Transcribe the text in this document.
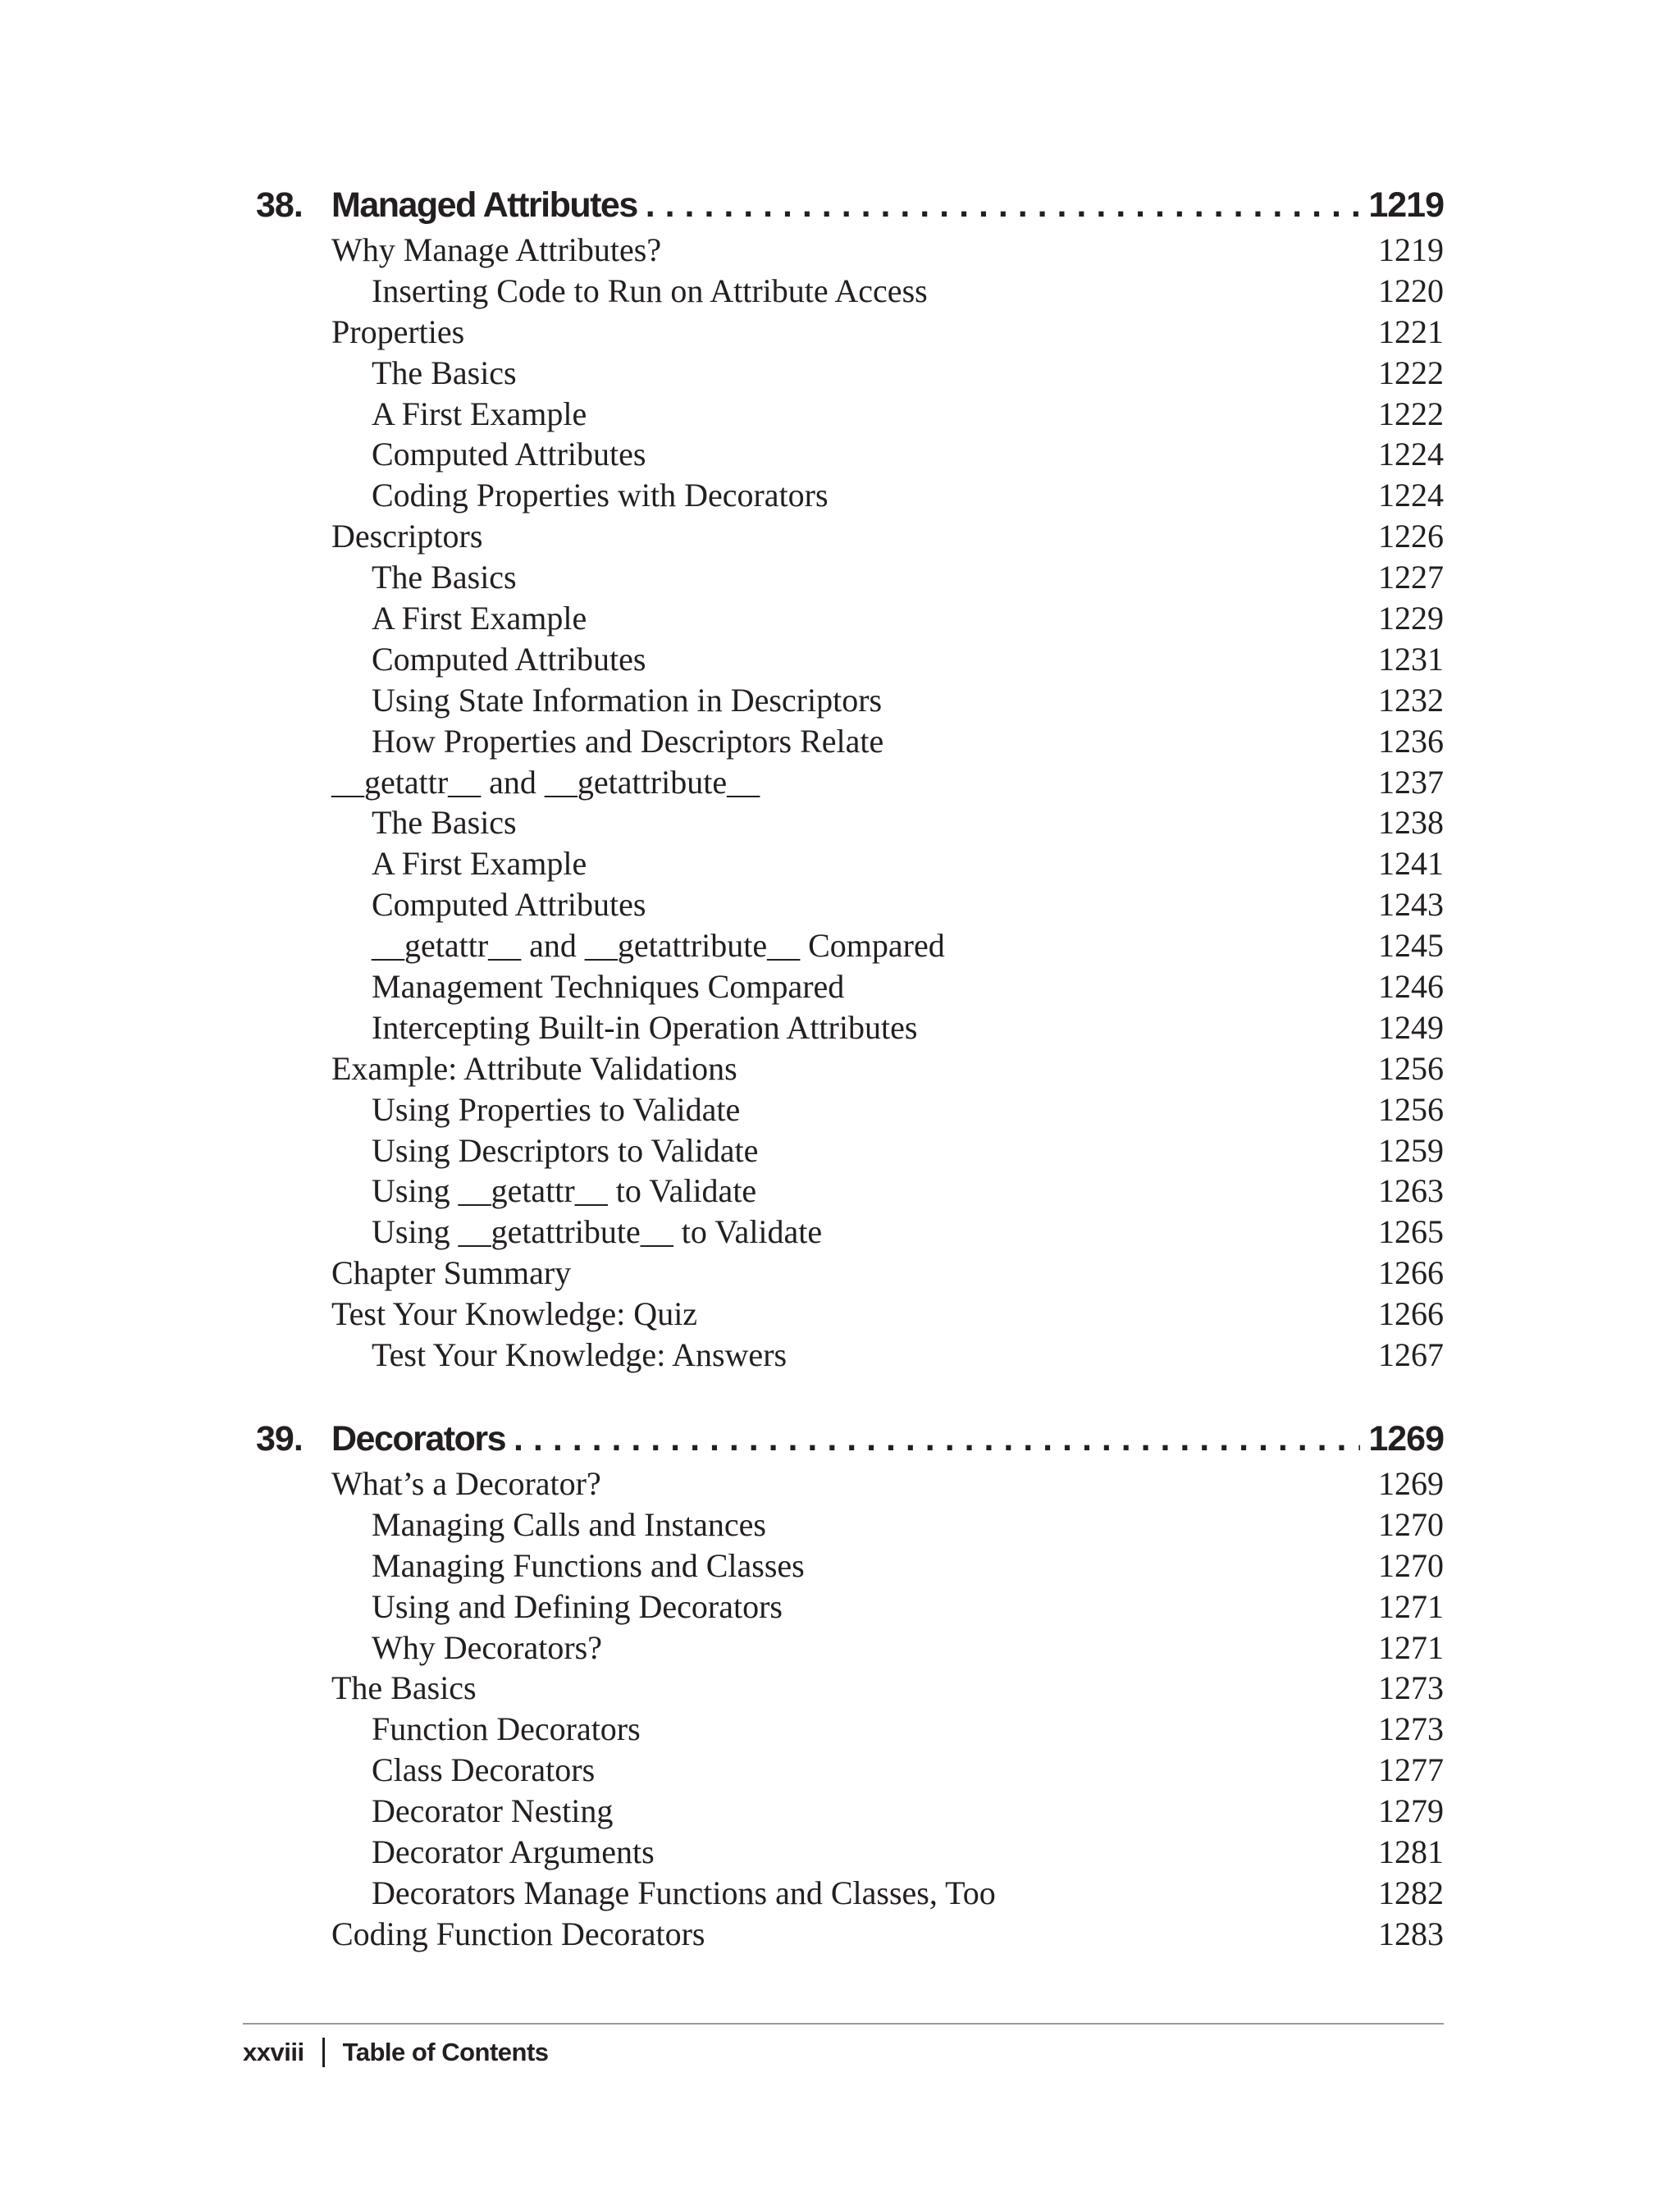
38. Managed Attributes . . .	1219
Why Manage Attributes?	1219
Inserting Code to Run on Attribute Access	1220
Properties	1221
The Basics	1222
A First Example	1222
Computed Attributes	1224
Coding Properties with Decorators	1224
Descriptors	1226
The Basics	1227
A First Example	1229
Computed Attributes	1231
Using State Information in Descriptors	1232
How Properties and Descriptors Relate	1236
__getattr__ and __getattribute__	1237
The Basics	1238
A First Example	1241
Computed Attributes	1243
__getattr__ and __getattribute__ Compared	1245
Management Techniques Compared	1246
Intercepting Built-in Operation Attributes	1249
Example: Attribute Validations	1256
Using Properties to Validate	1256
Using Descriptors to Validate	1259
Using __getattr__ to Validate	1263
Using __getattribute__ to Validate	1265
Chapter Summary	1266
Test Your Knowledge: Quiz	1266
Test Your Knowledge: Answers	1267
39. Decorators . . .	1269
What’s a Decorator?	1269
Managing Calls and Instances	1270
Managing Functions and Classes	1270
Using and Defining Decorators	1271
Why Decorators?	1271
The Basics	1273
Function Decorators	1273
Class Decorators	1277
Decorator Nesting	1279
Decorator Arguments	1281
Decorators Manage Functions and Classes, Too	1282
Coding Function Decorators	1283
xxviii Table of Contents
